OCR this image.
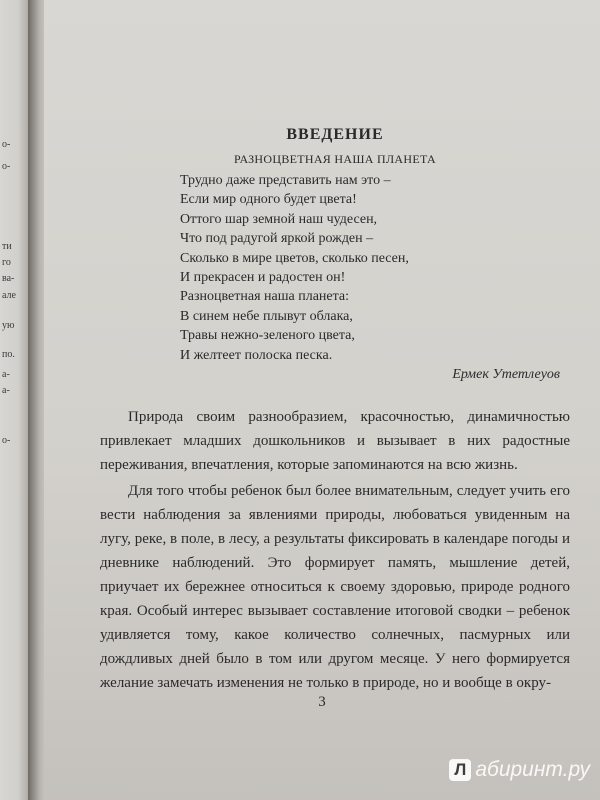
о-
о-
ти
го
ва-
але
ую
по.
а-
а-
о-
ВВЕДЕНИЕ
РАЗНОЦВЕТНАЯ НАША ПЛАНЕТА
Трудно даже представить нам это –
Если мир одного будет цвета!
Оттого шар земной наш чудесен,
Что под радугой яркой рожден –
Сколько в мире цветов, сколько песен,
И прекрасен и радостен он!
Разноцветная наша планета:
В синем небе плывут облака,
Травы нежно-зеленого цвета,
И желтеет полоска песка.
Ермек Утетлеуов

Природа своим разнообразием, красочностью, динамичностью привлекает младших дошкольников и вызывает в них радостные переживания, впечатления, которые запоминаются на всю жизнь.

Для того чтобы ребенок был более внимательным, следует учить его вести наблюдения за явлениями природы, любоваться увиденным на лугу, реке, в поле, в лесу, а результаты фиксировать в календаре погоды и дневнике наблюдений. Это формирует память, мышление детей, приучает их бережнее относиться к своему здоровью, природе родного края. Особый интерес вызывает составление итоговой сводки – ребенок удивляется тому, какое количество солнечных, пасмурных или дождливых дней было в том или другом месяце. У него формируется желание замечать изменения не только в природе, но и вообще в окру-

3
Л абиринт.ру
